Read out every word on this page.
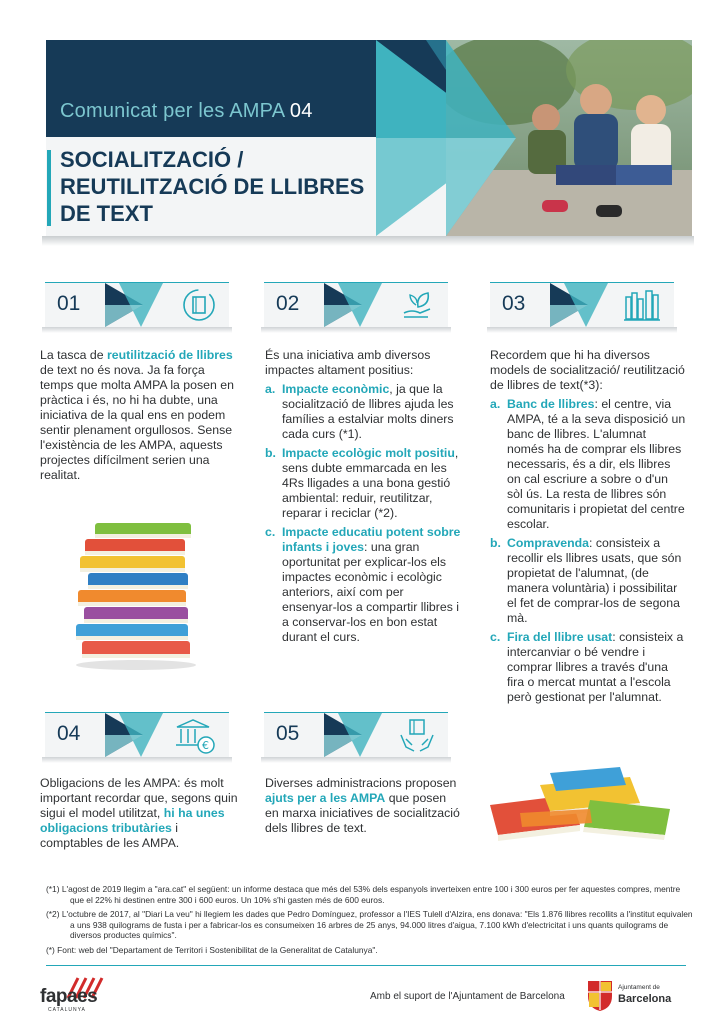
Comunicat per les AMPA 04
SOCIALITZACIÓ /
REUTILITZACIÓ DE LLIBRES
DE TEXT
01	02	03
04
€
05

La tasca de reutilització de llibres de text no és nova. Ja fa força temps que molta AMPA la posen en pràctica i és, no hi ha dubte, una iniciativa de la qual ens en podem sentir plenament orgullosos. Sense l'existència de les AMPA, aquests projectes difícilment serien una realitat.

És una iniciativa amb diversos impactes altament positius:

a. Impacte econòmic, ja que la socialització de llibres ajuda les famílies a estalviar molts diners cada curs (*1).
b. Impacte ecològic molt positiu, sens dubte emmarcada en les 4Rs lligades a una bona gestió ambiental: reduir, reutilitzar, reparar i reciclar (*2).
c. Impacte educatiu potent sobre infants i joves: una gran oportunitat per explicar-los els impactes econòmic i ecològic anteriors, així com per ensenyar-los a compartir llibres i a conservar-los en bon estat durant el curs.

Recordem que hi ha diversos models de socialització/ reutilització de llibres de text(*3):

a. Banc de llibres: el centre, via AMPA, té a la seva disposició un banc de llibres. L'alumnat només ha de comprar els llibres necessaris, és a dir, els llibres on cal escriure a sobre o d'un sòl ús. La resta de llibres són comunitaris i propietat del centre escolar.
b. Compravenda: consisteix a recollir els llibres usats, que són propietat de l'alumnat, (de manera voluntària) i possibilitar el fet de comprar-los de segona mà.
c. Fira del llibre usat: consisteix a intercanviar o bé vendre i comprar llibres a través d'una fira o mercat muntat a l'escola però gestionat per l'alumnat.

Obligacions de les AMPA: és molt important recordar que, segons quin sigui el model utilitzat, hi ha unes obligacions tributàries i comptables de les AMPA.

Diverses administracions proposen ajuts per a les AMPA que posen en marxa iniciatives de socialització dels llibres de text.

(*1) L'agost de 2019 llegim a "ara.cat" el següent: un informe destaca que més del 53% dels espanyols inverteixen entre 100 i 300 euros per fer aquestes compres, mentre que el 22% hi destinen entre 300 i 600 euros. Un 10% s'hi gasten més de 600 euros.

(*2) L'octubre de 2017, al "Diari La veu" hi llegiem les dades que Pedro Domínguez, professor a l'IES Tulell d'Alzira, ens donava: "Els 1.876 llibres recollits a l'institut equivalen a uns 938 quilograms de fusta i per a fabricar-los es consumeixen 16 arbres de 25 anys, 94.000 litres d'aigua, 7.100 kWh d'electricitat i uns quants quilograms de diversos productes químics".

(*) Font: web del "Departament de Territori i Sostenibilitat de la Generalitat de Catalunya".

fapaes
CATALUNYA
Amb el suport de l'Ajuntament de Barcelona
Ajuntament de
Barcelona
